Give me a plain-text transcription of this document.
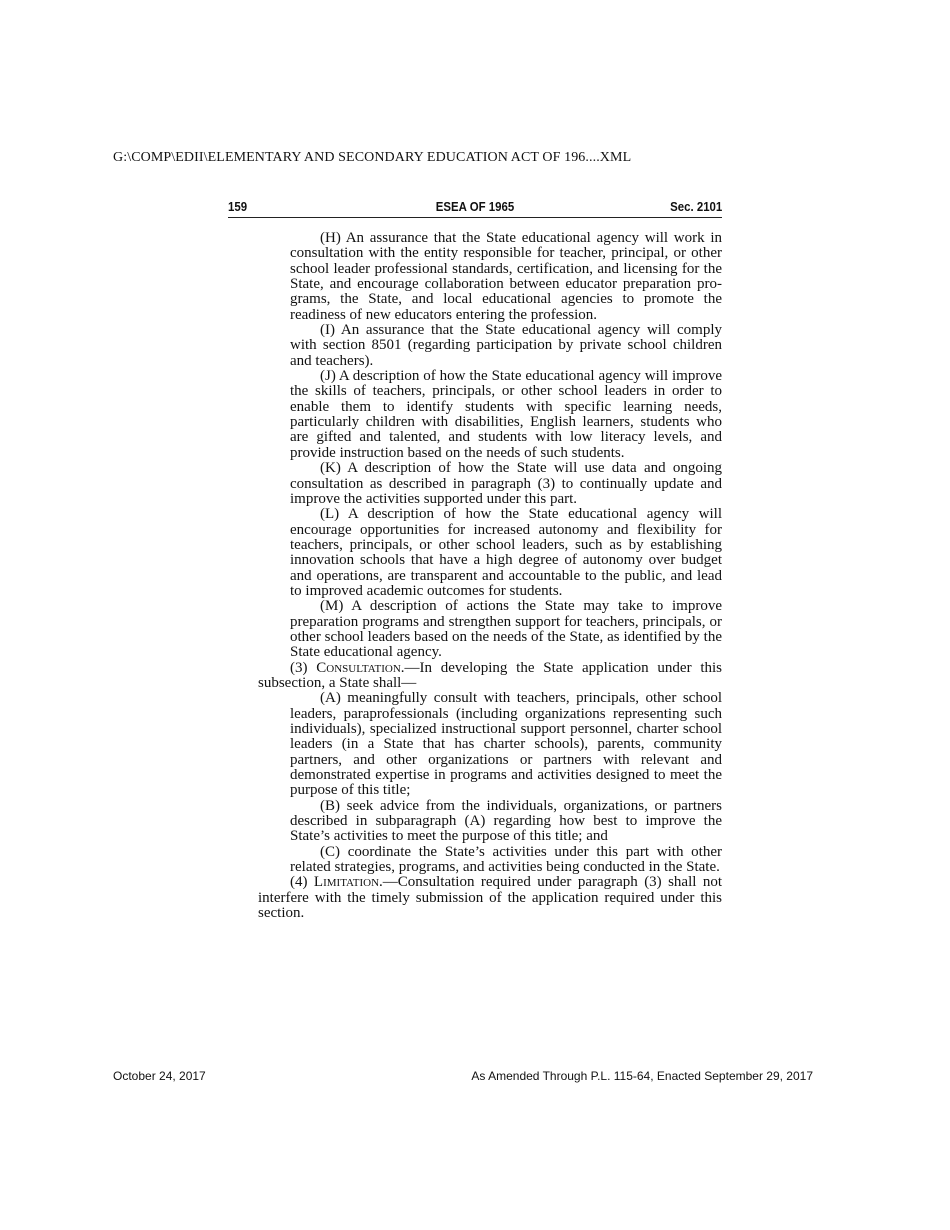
G:\COMP\EDII\ELEMENTARY AND SECONDARY EDUCATION ACT OF 196....XML
159	ESEA OF 1965	Sec. 2101

(H) An assurance that the State educational agency will work in consultation with the entity responsible for teacher, principal, or other school leader professional standards, certification, and licensing for the State, and encourage collaboration between educator preparation programs, the State, and local educational agencies to promote the readiness of new educators entering the profession.

(I) An assurance that the State educational agency will comply with section 8501 (regarding participation by private school children and teachers).

(J) A description of how the State educational agency will improve the skills of teachers, principals, or other school leaders in order to enable them to identify students with specific learning needs, particularly children with disabilities, English learners, students who are gifted and talented, and students with low literacy levels, and provide instruction based on the needs of such students.

(K) A description of how the State will use data and ongoing consultation as described in paragraph (3) to continually update and improve the activities supported under this part.

(L) A description of how the State educational agency will encourage opportunities for increased autonomy and flexibility for teachers, principals, or other school leaders, such as by establishing innovation schools that have a high degree of autonomy over budget and operations, are transparent and accountable to the public, and lead to improved academic outcomes for students.

(M) A description of actions the State may take to improve preparation programs and strengthen support for teachers, principals, or other school leaders based on the needs of the State, as identified by the State educational agency.

(3) Consultation.—In developing the State application under this subsection, a State shall—

(A) meaningfully consult with teachers, principals, other school leaders, paraprofessionals (including organizations representing such individuals), specialized instructional support personnel, charter school leaders (in a State that has charter schools), parents, community partners, and other organizations or partners with relevant and demonstrated expertise in programs and activities designed to meet the purpose of this title;

(B) seek advice from the individuals, organizations, or partners described in subparagraph (A) regarding how best to improve the State’s activities to meet the purpose of this title; and

(C) coordinate the State’s activities under this part with other related strategies, programs, and activities being conducted in the State.

(4) Limitation.—Consultation required under paragraph (3) shall not interfere with the timely submission of the application required under this section.

October 24, 2017	As Amended Through P.L. 115-64, Enacted September 29, 2017
